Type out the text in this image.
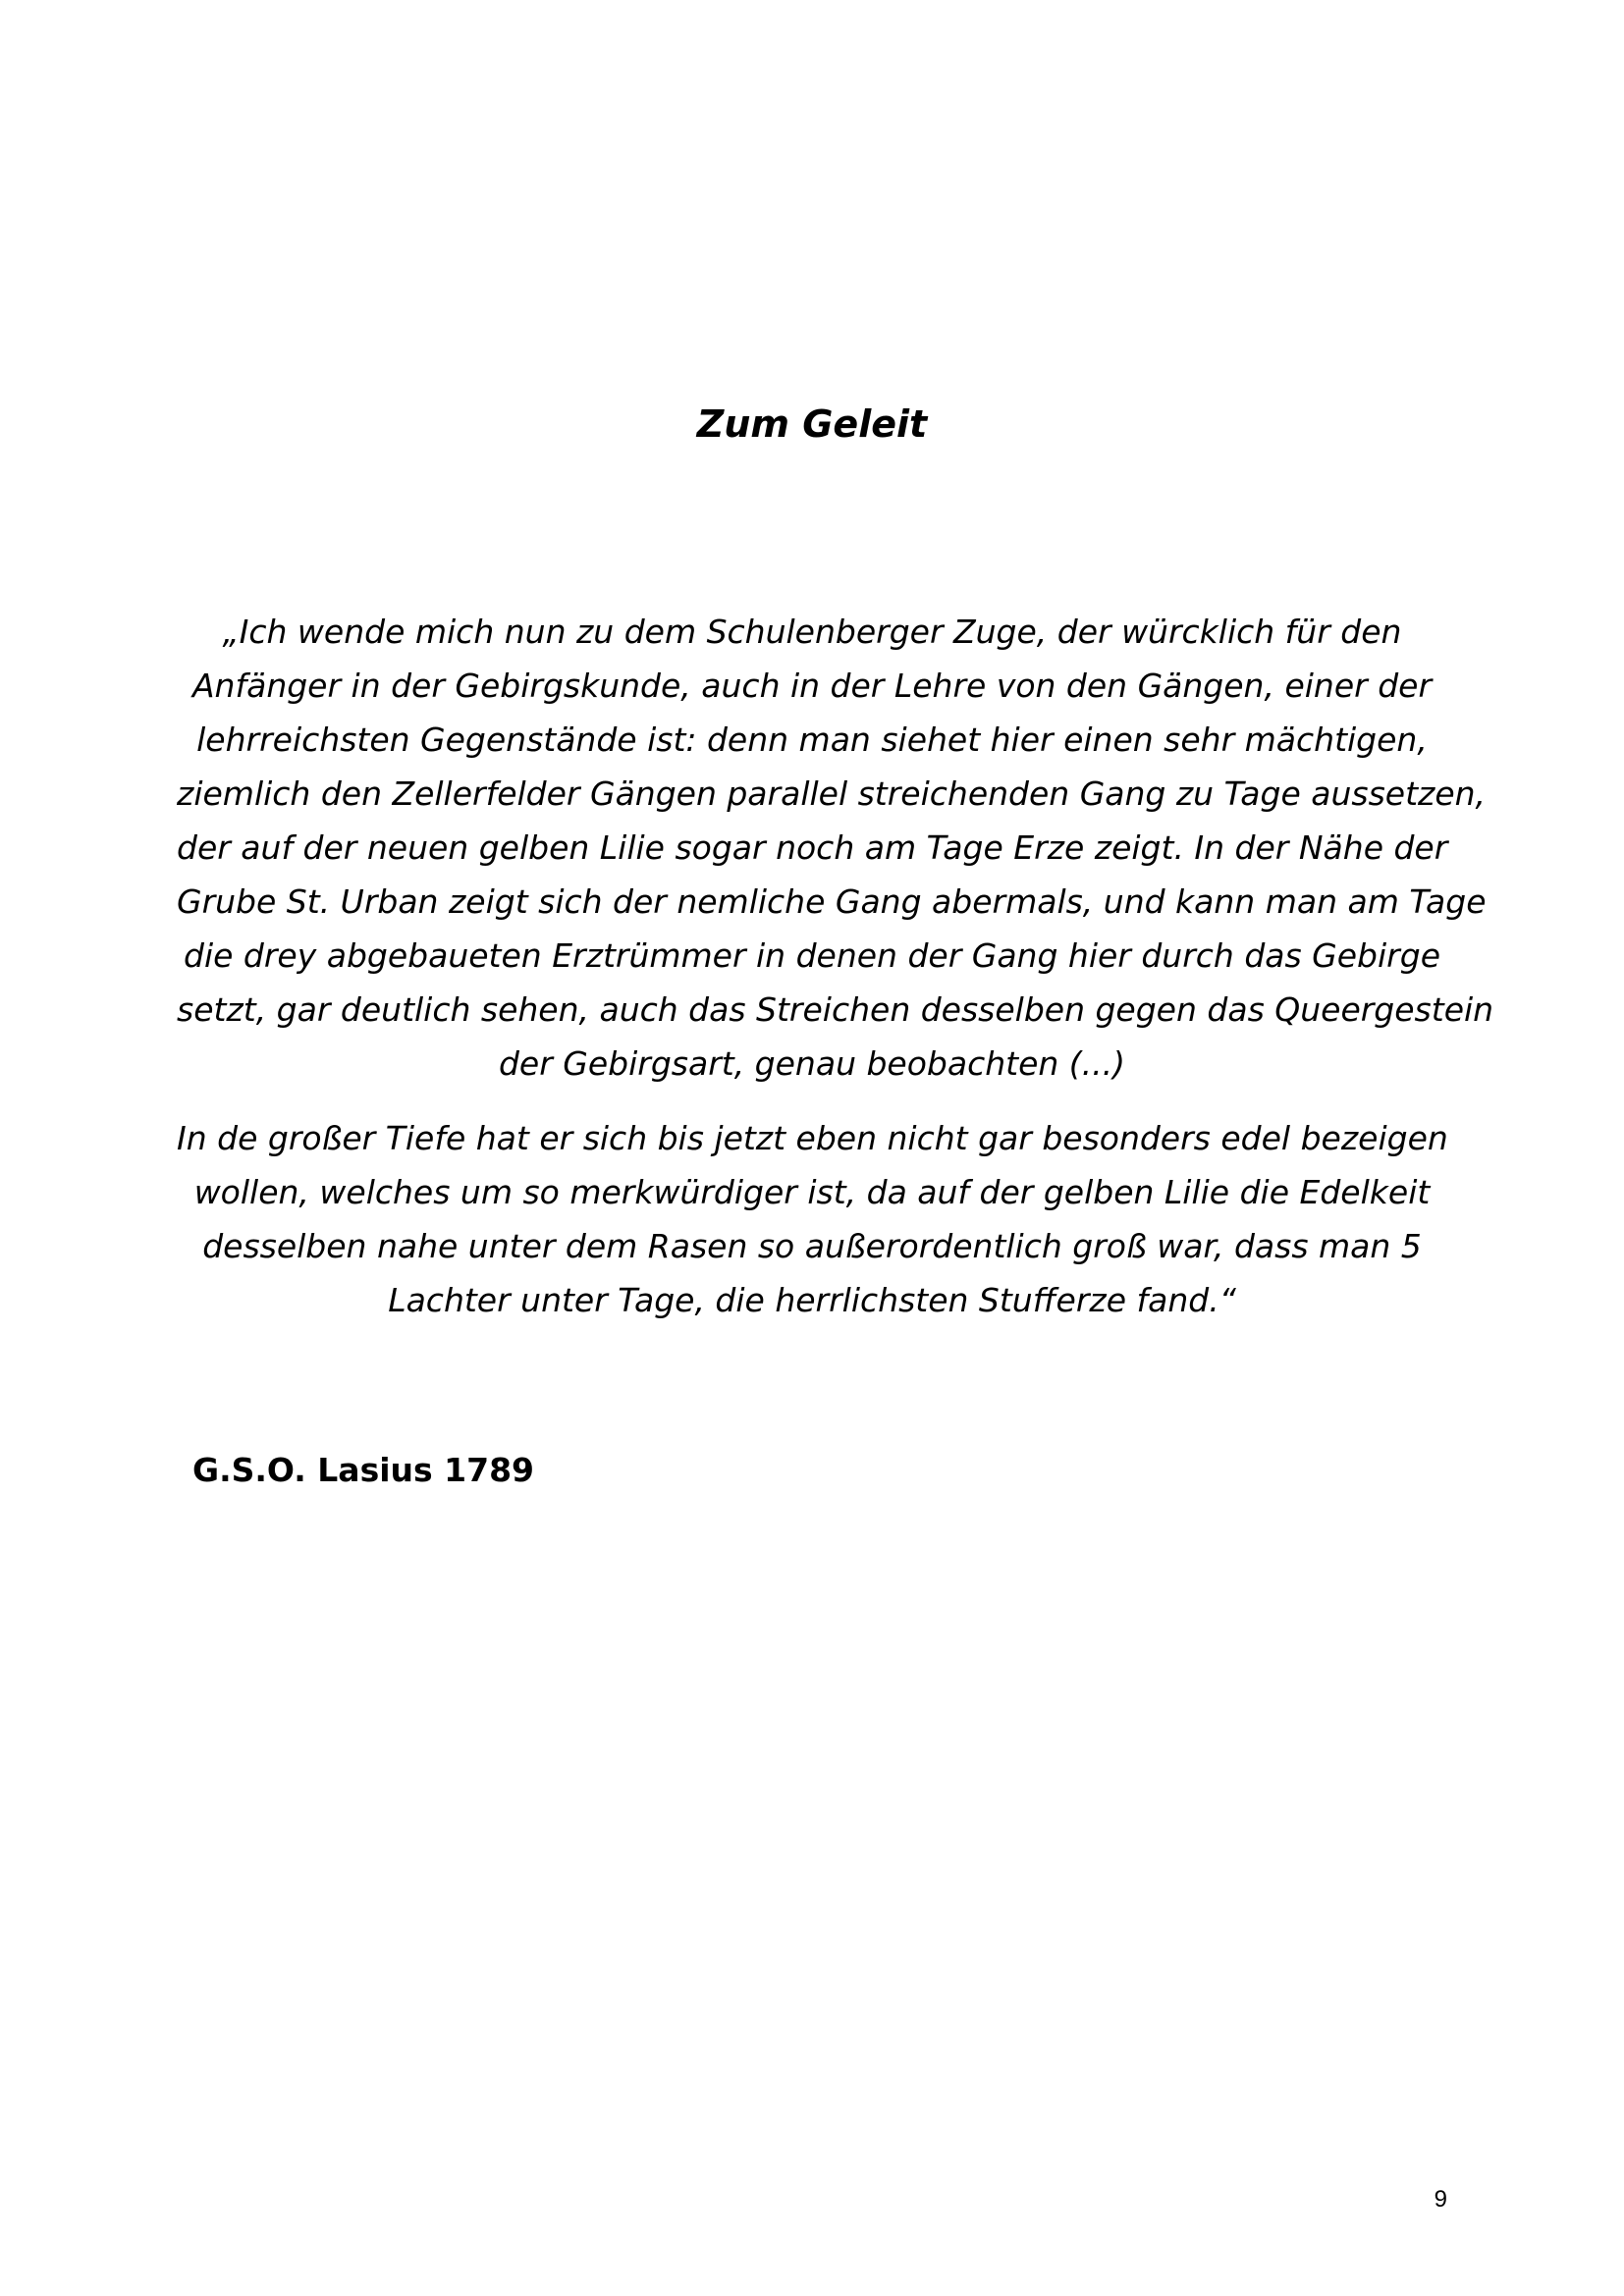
Zum Geleit
„Ich wende mich nun zu dem Schulenberger Zuge, der würcklich für den
Anfänger in der Gebirgskunde, auch in der Lehre von den Gängen, einer der
lehrreichsten Gegenstände ist: denn man siehet hier einen sehr mächtigen,
ziemlich den Zellerfelder Gängen parallel streichenden Gang zu Tage aussetzen,
der auf der neuen gelben Lilie sogar noch am Tage Erze zeigt. In der Nähe der
Grube St. Urban zeigt sich der nemliche Gang abermals, und kann man am Tage
die drey abgebaueten Erztrümmer in denen der Gang hier durch das Gebirge
setzt, gar deutlich sehen, auch das Streichen desselben gegen das Queergestein
der Gebirgsart, genau beobachten (...)
In de großer Tiefe hat er sich bis jetzt eben nicht gar besonders edel bezeigen
wollen, welches um so merkwürdiger ist, da auf der gelben Lilie die Edelkeit
desselben nahe unter dem Rasen so außerordentlich groß war, dass man 5
Lachter unter Tage, die herrlichsten Stufferze fand.“

G.S.O. Lasius 1789

9
